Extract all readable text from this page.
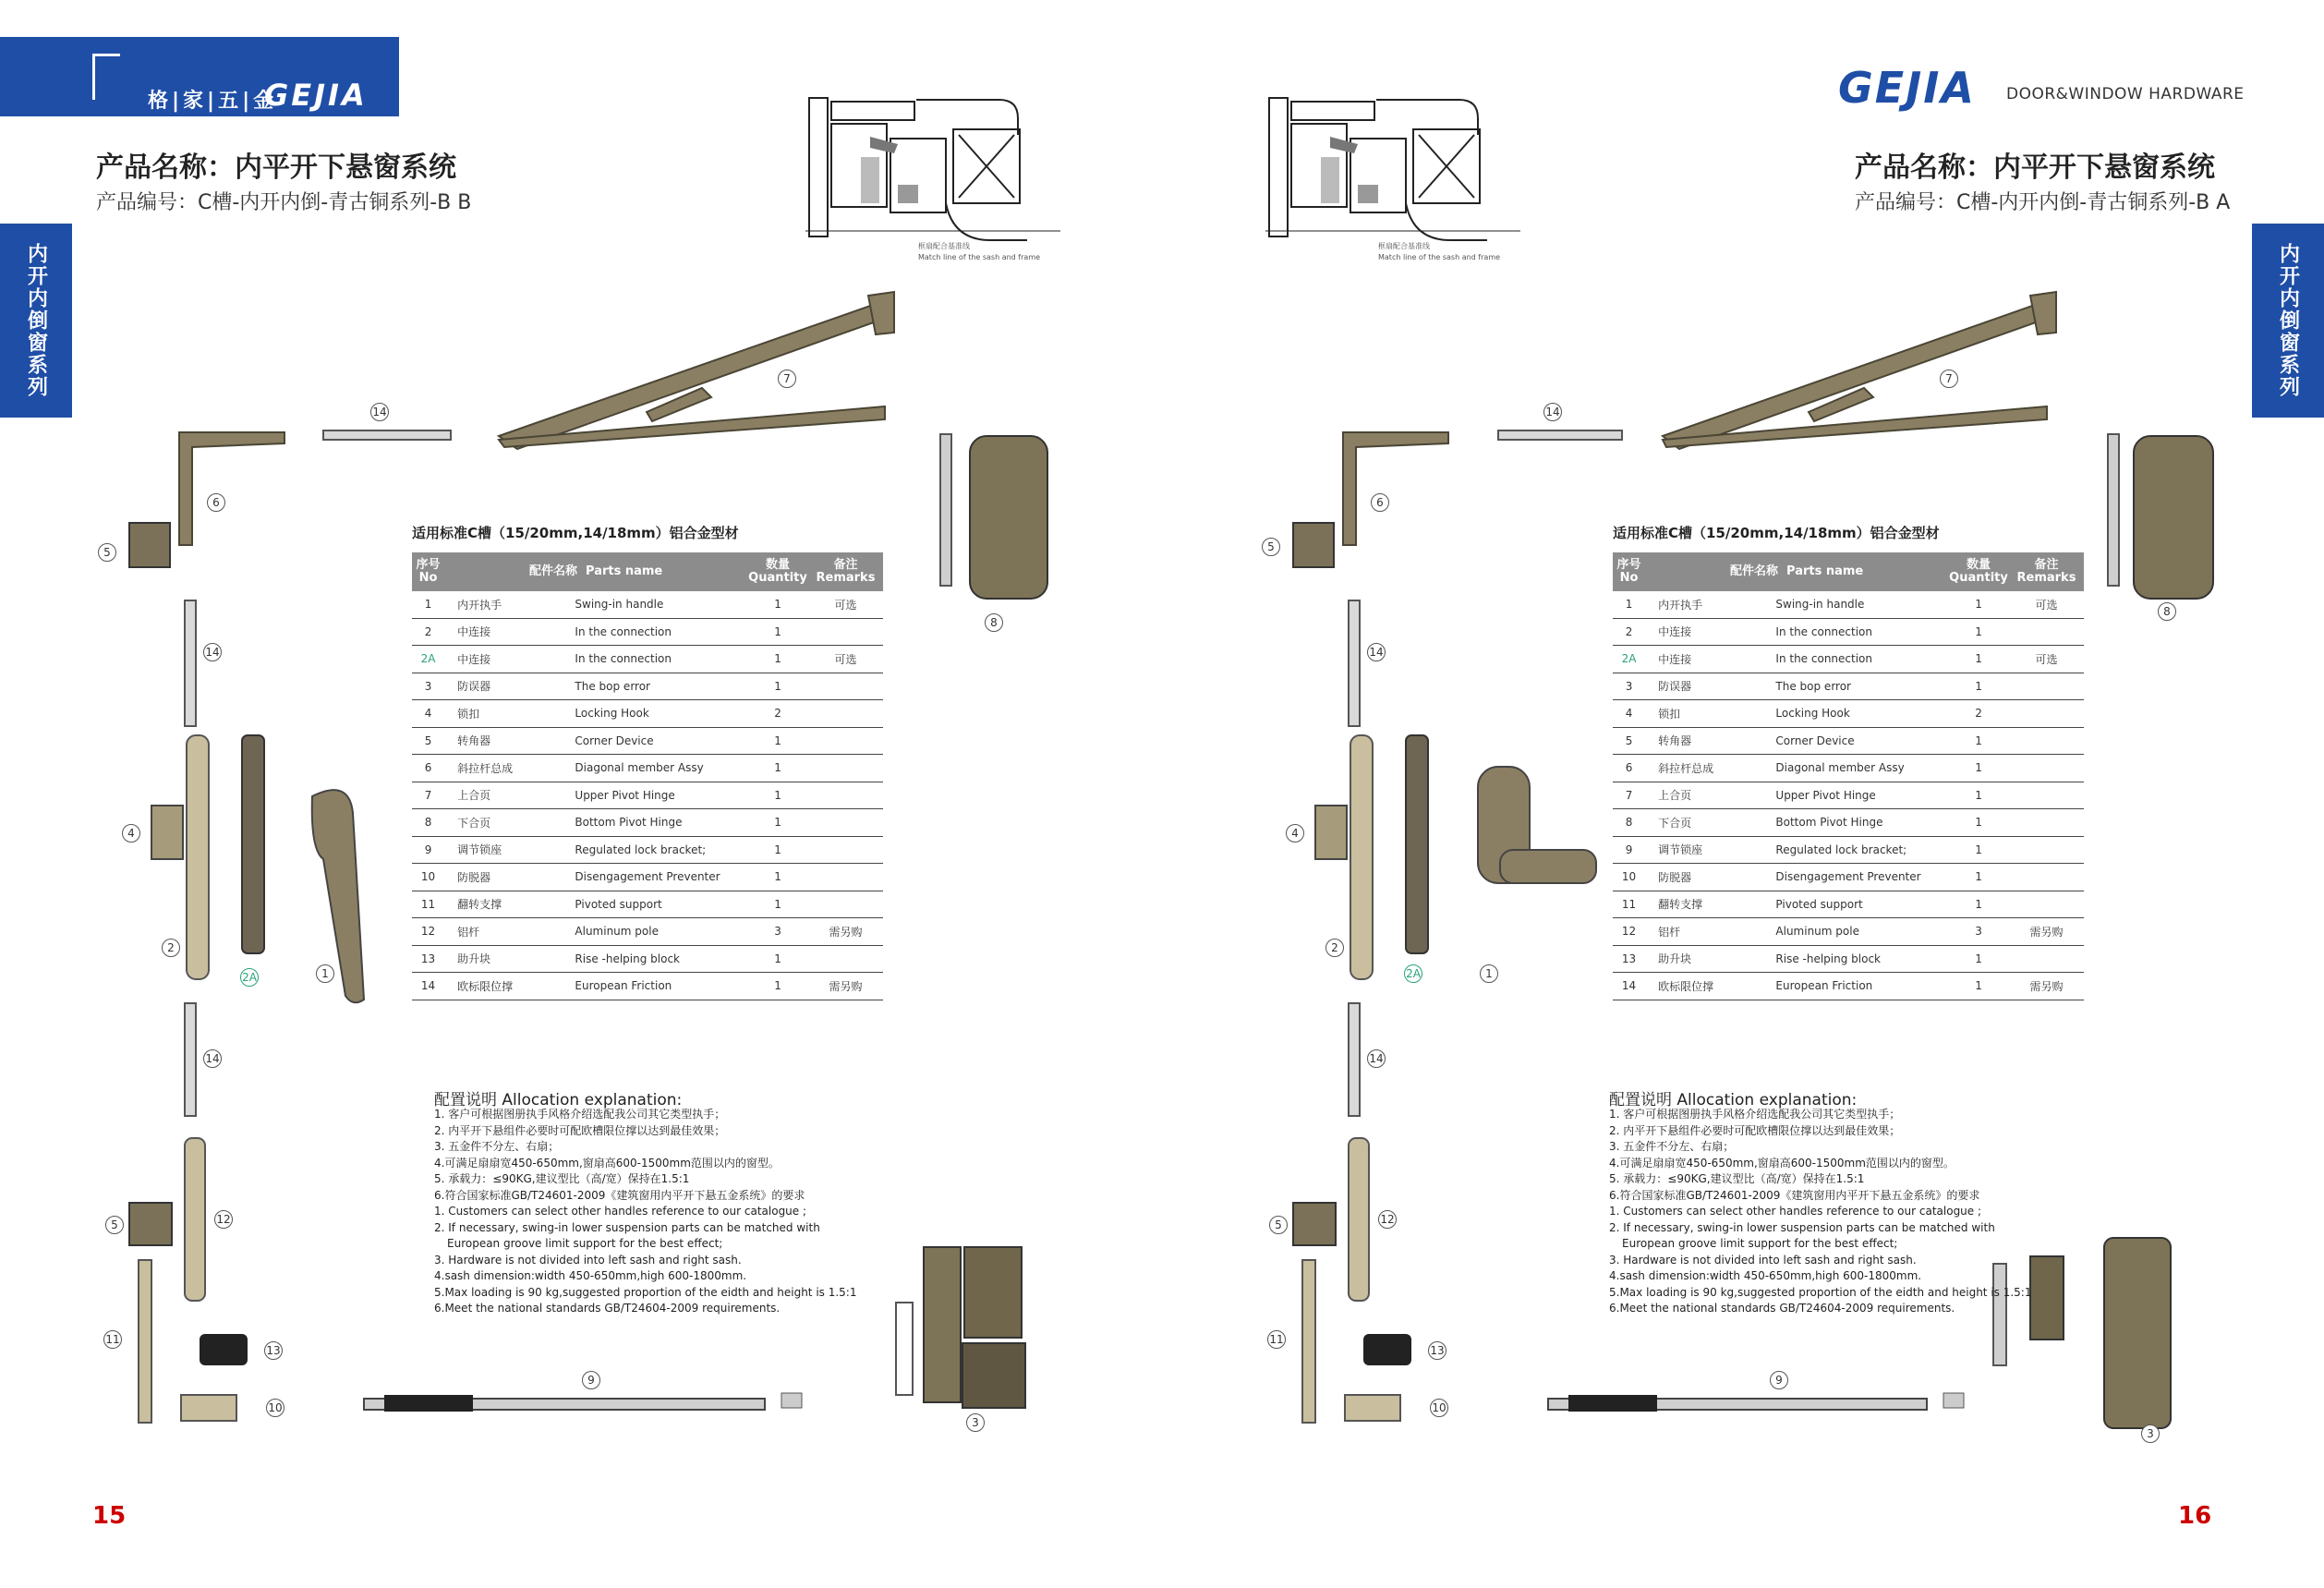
格|家|五|金
GEJIA
产品名称：内平开下悬窗系统
产品编号：C槽-内开内倒-青古铜系列-B B
内开内倒窗系列	框扇配合基准线
Match line of the sash and frame
7
14
6
5
8
14
4
2
2A	1
14
12
5
11
13
9
10
3
适用标准C槽（15/20mm,14/18mm）铝合金型材
序号
No	配件名称 Parts name		数量
Quantity	备注
Remarks
1	内开执手	Swing-in handle	1	可选
2	中连接	In the connection	1	
2A	中连接	In the connection	1	可选
3	防误器	The bop error	1	
4	锁扣	Locking Hook	2	
5	转角器	Corner Device	1	
6	斜拉杆总成	Diagonal member Assy	1	
7	上合页	Upper Pivot Hinge	1	
8	下合页	Bottom Pivot Hinge	1	
9	调节锁座	Regulated lock bracket;	1	
10	防脱器	Disengagement Preventer	1	
11	翻转支撑	Pivoted support	1	
12	铝杆	Aluminum pole	3	需另购
13	助升块	Rise -helping block	1	
14	欧标限位撑	European Friction	1	需另购
配置说明 Allocation explanation:
1. 客户可根据图册执手风格介绍选配我公司其它类型执手；
2. 内平开下悬组件必要时可配欧槽限位撑以达到最佳效果；
3. 五金件不分左、右扇；
4.可满足扇扇宽450-650mm,窗扇高600-1500mm范围以内的窗型。
5. 承载力：≤90KG,建议型比（高/宽）保持在1.5:1
6.符合国家标准GB/T24601-2009《建筑窗用内平开下悬五金系统》的要求
1. Customers can select other handles reference to our catalogue ;
2. If necessary, swing-in lower suspension parts can be matched with
European groove limit support for the best effect;
3. Hardware is not divided into left sash and right sash.
4.sash dimension:width 450-650mm,high 600-1800mm.
5.Max loading is 90 kg,suggested proportion of the eidth and height is 1.5:1
6.Meet the national standards GB/T24604-2009 requirements.
15
GEJIA DOOR&WINDOW HARDWARE
产品名称：内平开下悬窗系统
产品编号：C槽-内开内倒-青古铜系列-B A
内开内倒窗系列
框扇配合基准线
Match line of the sash and frame
7
14
6
5
8
14
4
2
2A	1
14
12
5
11
13
9
10
3
适用标准C槽（15/20mm,14/18mm）铝合金型材
序号
No	配件名称 Parts name		数量
Quantity	备注
Remarks
1	内开执手	Swing-in handle	1	可选
2	中连接	In the connection	1	
2A	中连接	In the connection	1	可选
3	防误器	The bop error	1	
4	锁扣	Locking Hook	2	
5	转角器	Corner Device	1	
6	斜拉杆总成	Diagonal member Assy	1	
7	上合页	Upper Pivot Hinge	1	
8	下合页	Bottom Pivot Hinge	1	
9	调节锁座	Regulated lock bracket;	1	
10	防脱器	Disengagement Preventer	1	
11	翻转支撑	Pivoted support	1	
12	铝杆	Aluminum pole	3	需另购
13	助升块	Rise -helping block	1	
14	欧标限位撑	European Friction	1	需另购
配置说明 Allocation explanation:
1. 客户可根据图册执手风格介绍选配我公司其它类型执手；
2. 内平开下悬组件必要时可配欧槽限位撑以达到最佳效果；
3. 五金件不分左、右扇；
4.可满足扇扇宽450-650mm,窗扇高600-1500mm范围以内的窗型。
5. 承载力：≤90KG,建议型比（高/宽）保持在1.5:1
6.符合国家标准GB/T24601-2009《建筑窗用内平开下悬五金系统》的要求
1. Customers can select other handles reference to our catalogue ;
2. If necessary, swing-in lower suspension parts can be matched with
European groove limit support for the best effect;
3. Hardware is not divided into left sash and right sash.
4.sash dimension:width 450-650mm,high 600-1800mm.
5.Max loading is 90 kg,suggested proportion of the eidth and height is 1.5:1
6.Meet the national standards GB/T24604-2009 requirements.
16
